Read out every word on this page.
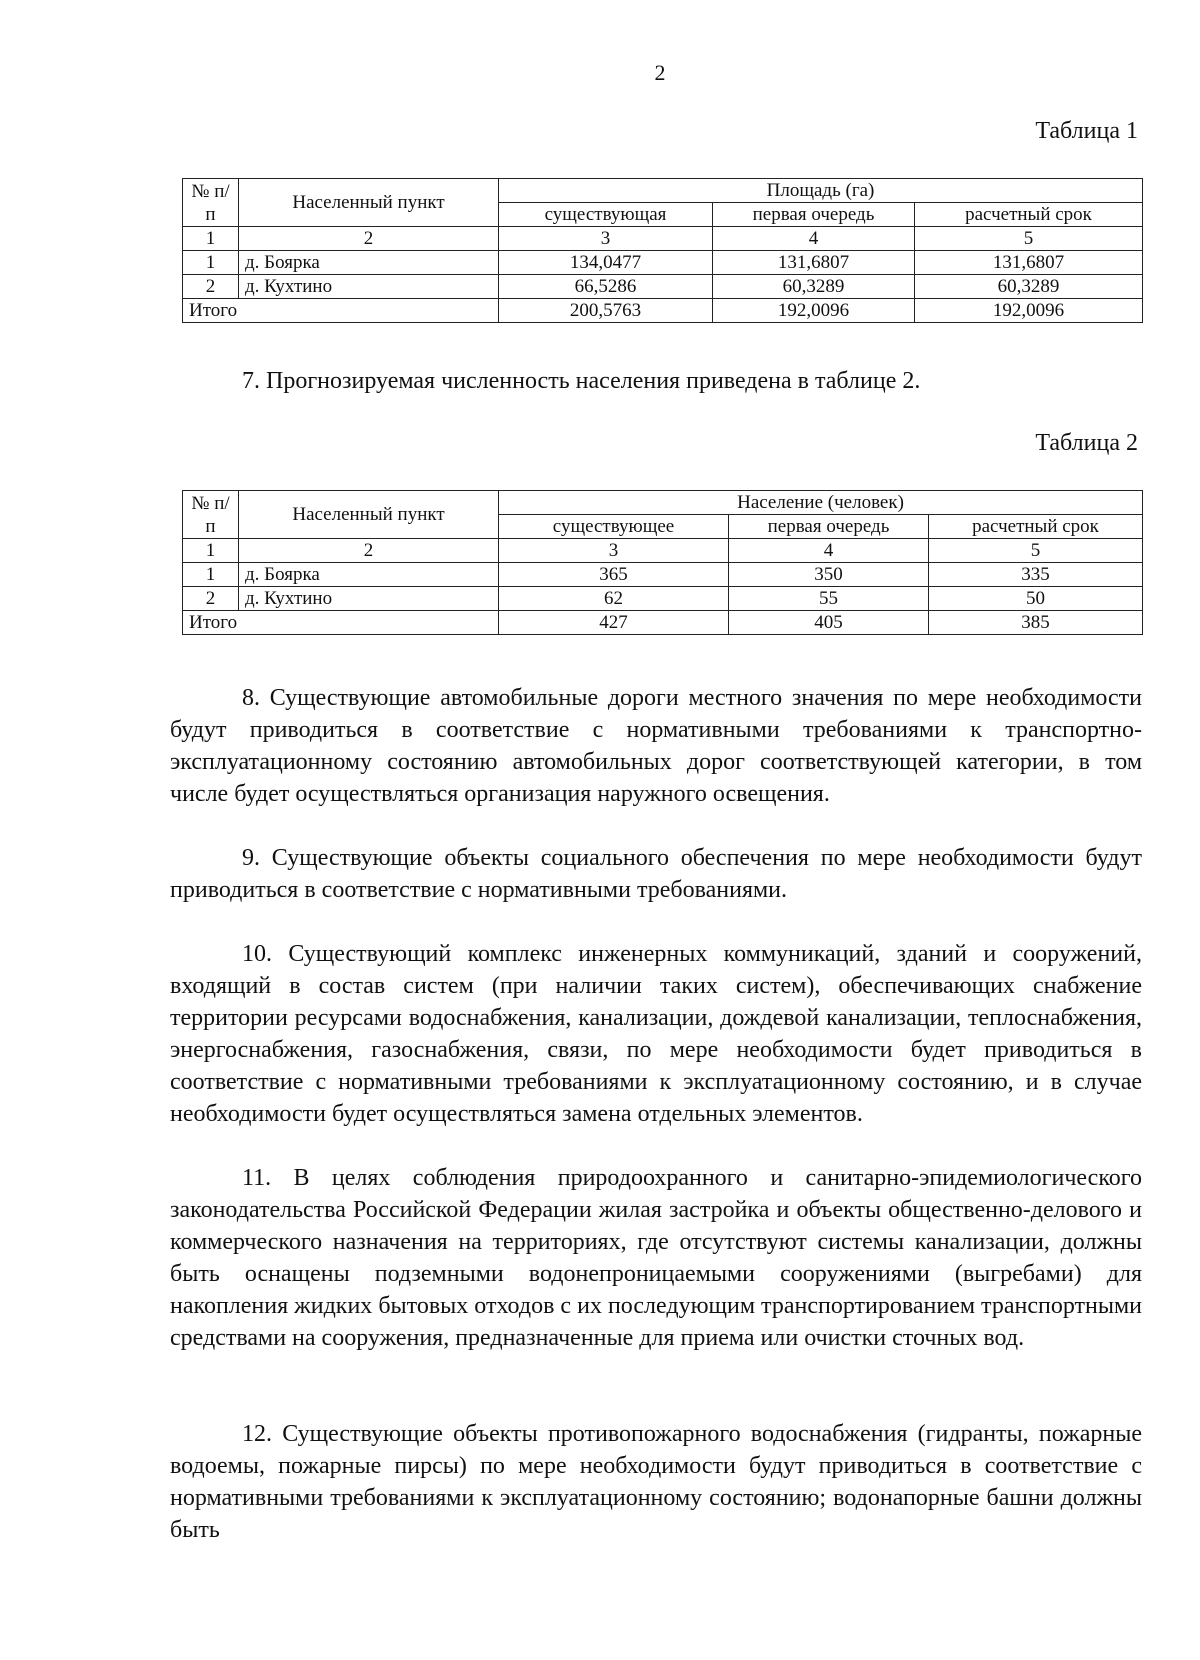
2
Таблица 1
№ п/п	Населенный пункт	Площадь (га)		
		существующая	первая очередь	расчетный срок
1	2	3	4	5
1	д. Боярка	134,0477	131,6807	131,6807
2	д. Кухтино	66,5286	60,3289	60,3289
Итого		200,5763	192,0096	192,0096
7. Прогнозируемая численность населения приведена в таблице 2.
Таблица 2
№ п/п	Населенный пункт	Население (человек)		
		существующее	первая очередь	расчетный срок
1	2	3	4	5
1	д. Боярка	365	350	335
2	д. Кухтино	62	55	50
Итого		427	405	385
8. Существующие автомобильные дороги местного значения по мере необходимости будут приводиться в соответствие с нормативными требованиями к транспортно-эксплуатационному состоянию автомобильных дорог соответствующей категории, в том числе будет осуществляться организация наружного освещения.
9. Существующие объекты социального обеспечения по мере необходимости будут приводиться в соответствие с нормативными требованиями.
10. Существующий комплекс инженерных коммуникаций, зданий и сооружений, входящий в состав систем (при наличии таких систем), обеспечивающих снабжение территории ресурсами водоснабжения, канализации, дождевой канализации, теплоснабжения, энергоснабжения, газоснабжения, связи, по мере необходимости будет приводиться в соответствие с нормативными требованиями к эксплуатационному состоянию, и в случае необходимости будет осуществляться замена отдельных элементов.
11. В целях соблюдения природоохранного и санитарно-эпидемиологического законодательства Российской Федерации жилая застройка и объекты общественно-делового и коммерческого назначения на территориях, где отсутствуют системы канализации, должны быть оснащены подземными водонепроницаемыми сооружениями (выгребами) для накопления жидких бытовых отходов с их последующим транспортированием транспортными средствами на сооружения, предназначенные для приема или очистки сточных вод.
12. Существующие объекты противопожарного водоснабжения (гидранты, пожарные водоемы, пожарные пирсы) по мере необходимости будут приводиться в соответствие с нормативными требованиями к эксплуатационному состоянию; водонапорные башни должны быть
